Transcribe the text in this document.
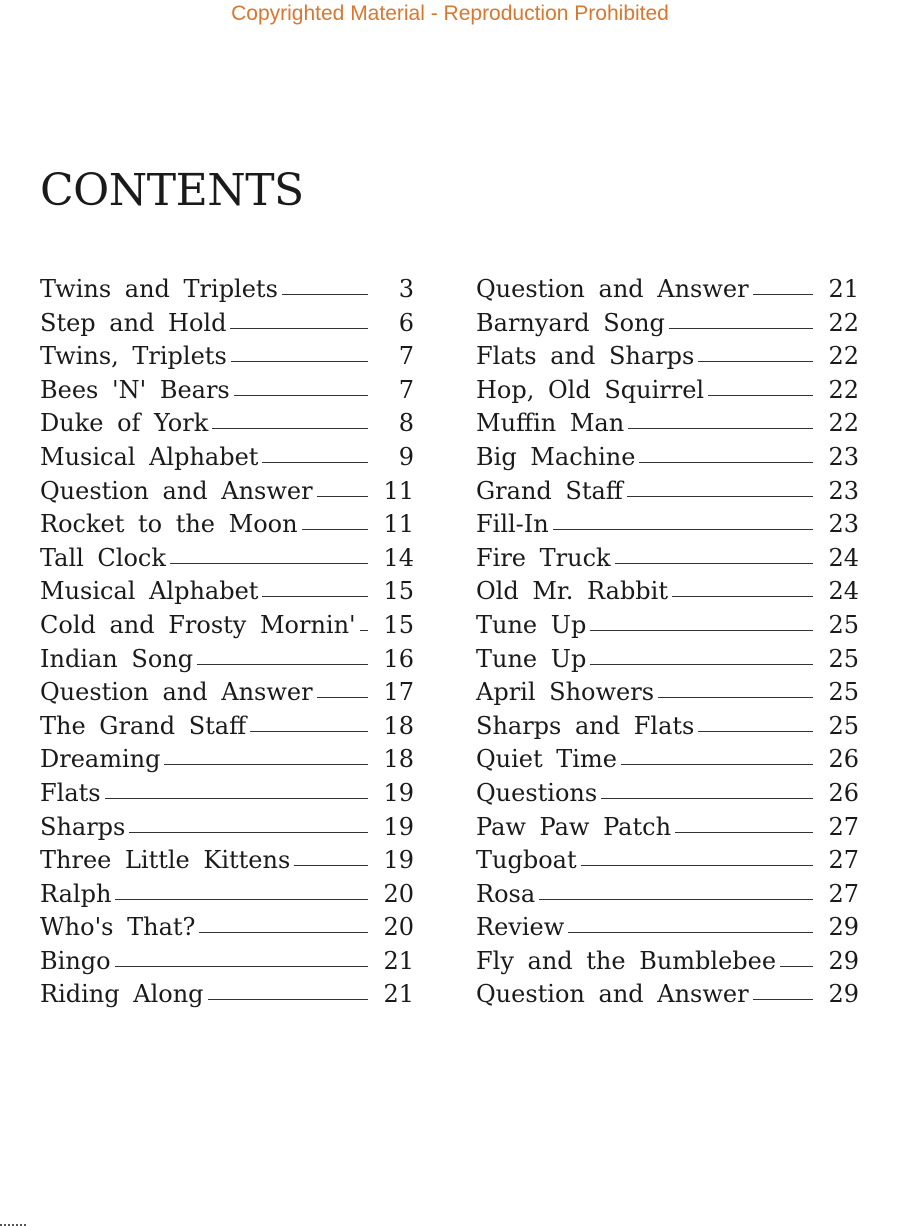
Copyrighted Material - Reproduction Prohibited
CONTENTS
Twins and Triplets	3
Step and Hold	6
Twins, Triplets	7
Bees 'N' Bears	7
Duke of York	8
Musical Alphabet	9
Question and Answer	11
Rocket to the Moon	11
Tall Clock	14
Musical Alphabet	15
Cold and Frosty Mornin' 15
Indian Song	16
Question and Answer	17
The Grand Staff	18
Dreaming	18
Flats	19
Sharps	19
Three Little Kittens	19
Ralph	20
Who's That?	20
Bingo	21
Riding Along	21
Question and Answer	21
Barnyard Song	22
Flats and Sharps	22
Hop, Old Squirrel	22
Muffin Man	22
Big Machine	23
Grand Staff	23
Fill-In	23
Fire Truck	24
Old Mr. Rabbit	24
Tune Up	25
Tune Up	25
April Showers	25
Sharps and Flats	25
Quiet Time	26
Questions	26
Paw Paw Patch	27
Tugboat	27
Rosa	27
Review	29
Fly and the Bumblebee 29
Question and Answer	29
